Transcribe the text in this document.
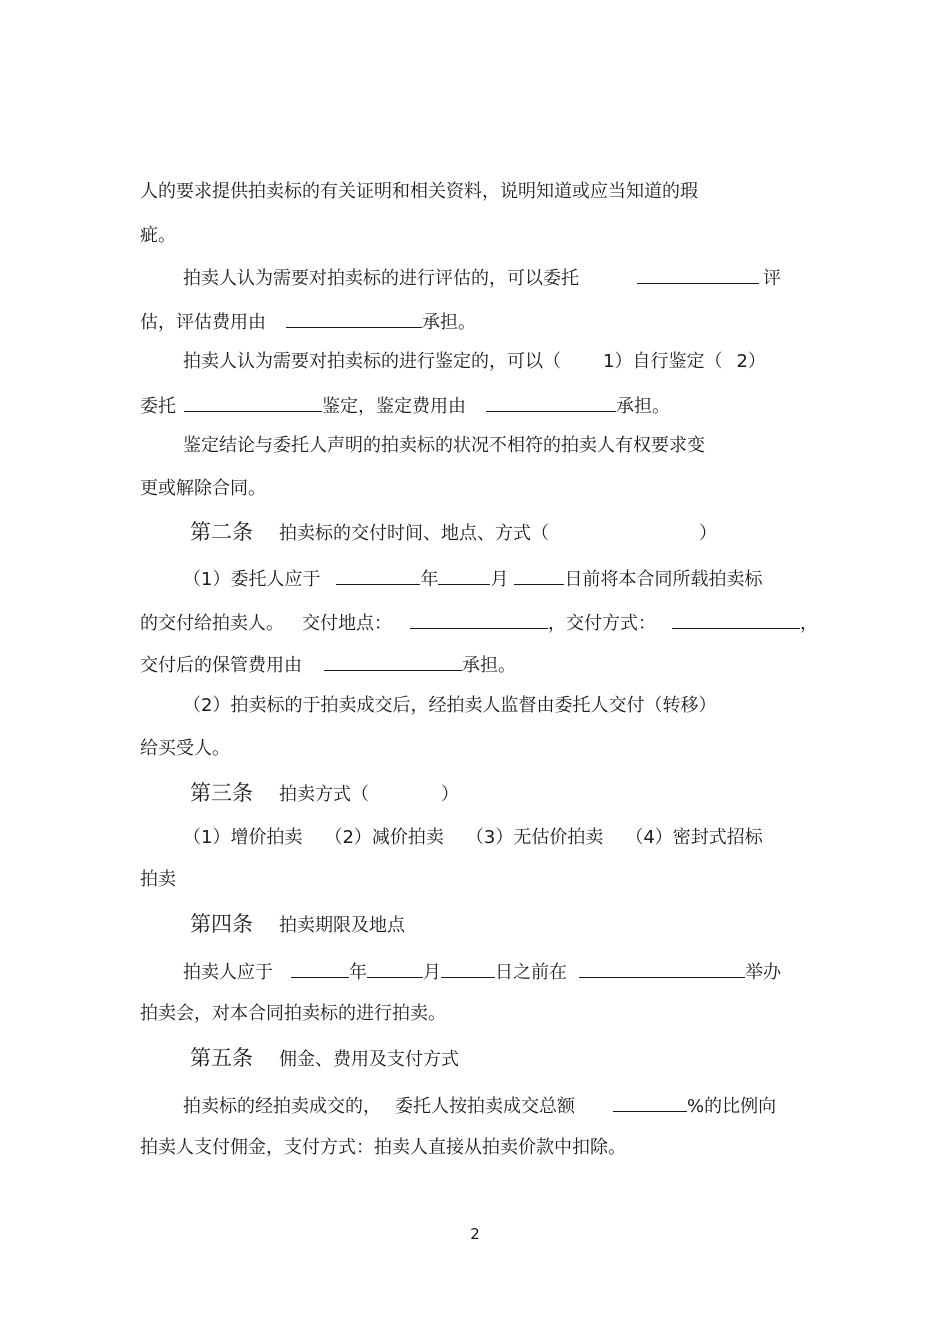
人的要求提供拍卖标的有关证明和相关资料，说明知道或应当知道的瑕
疵。
拍卖人认为需要对拍卖标的进行评估的，可以委托	评
估，评估费用由	承担。
拍卖人认为需要对拍卖标的进行鉴定的，可以（ 1）自行鉴定（ 2）
委托	鉴定，鉴定费用由	承担。
鉴定结论与委托人声明的拍卖标的状况不相符的拍卖人有权要求变
更或解除合同。
第二条 拍卖标的交付时间、地点、方式（	）
（1）委托人应于	年	月	日前将本合同所载拍卖标
的交付给拍卖人。 交付地点：	，交付方式：	，
交付后的保管费用由	承担。
（2）拍卖标的于拍卖成交后，经拍卖人监督由委托人交付（转移）
给买受人。
第三条 拍卖方式（	）
（1）增价拍卖 （2）减价拍卖 （3）无估价拍卖 （4）密封式招标
拍卖
第四条 拍卖期限及地点
拍卖人应于	年	月	日之前在	举办
拍卖会，对本合同拍卖标的进行拍卖。
第五条 佣金、费用及支付方式
拍卖标的经拍卖成交的， 委托人按拍卖成交总额	%的比例向
拍卖人支付佣金，支付方式：拍卖人直接从拍卖价款中扣除。
2
